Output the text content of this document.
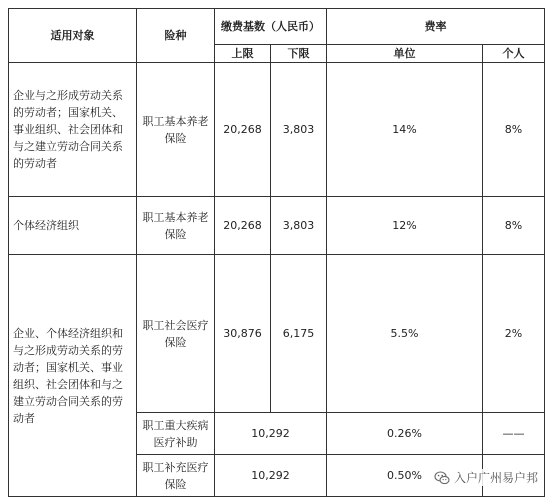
适用对象	险种	缴费基数（人民币）		费率	
		上限	下限	单位	个人
企业与之形成劳动关系的劳动者；国家机关、事业组织、社会团体和与之建立劳动合同关系的劳动者	职工基本养老保险	20,268	3,803	14%	8%
个体经济组织	职工基本养老保险	20,268	3,803	12%	8%
企业、个体经济组织和与之形成劳动关系的劳动者；国家机关、事业组织、社会团体和与之建立劳动合同关系的劳动者	职工社会医疗保险	30,876	6,175	5.5%	2%
	职工重大疾病医疗补助	10,292		0.26%	——
	职工补充医疗保险	10,292		0.50%		入户广州易户邦
